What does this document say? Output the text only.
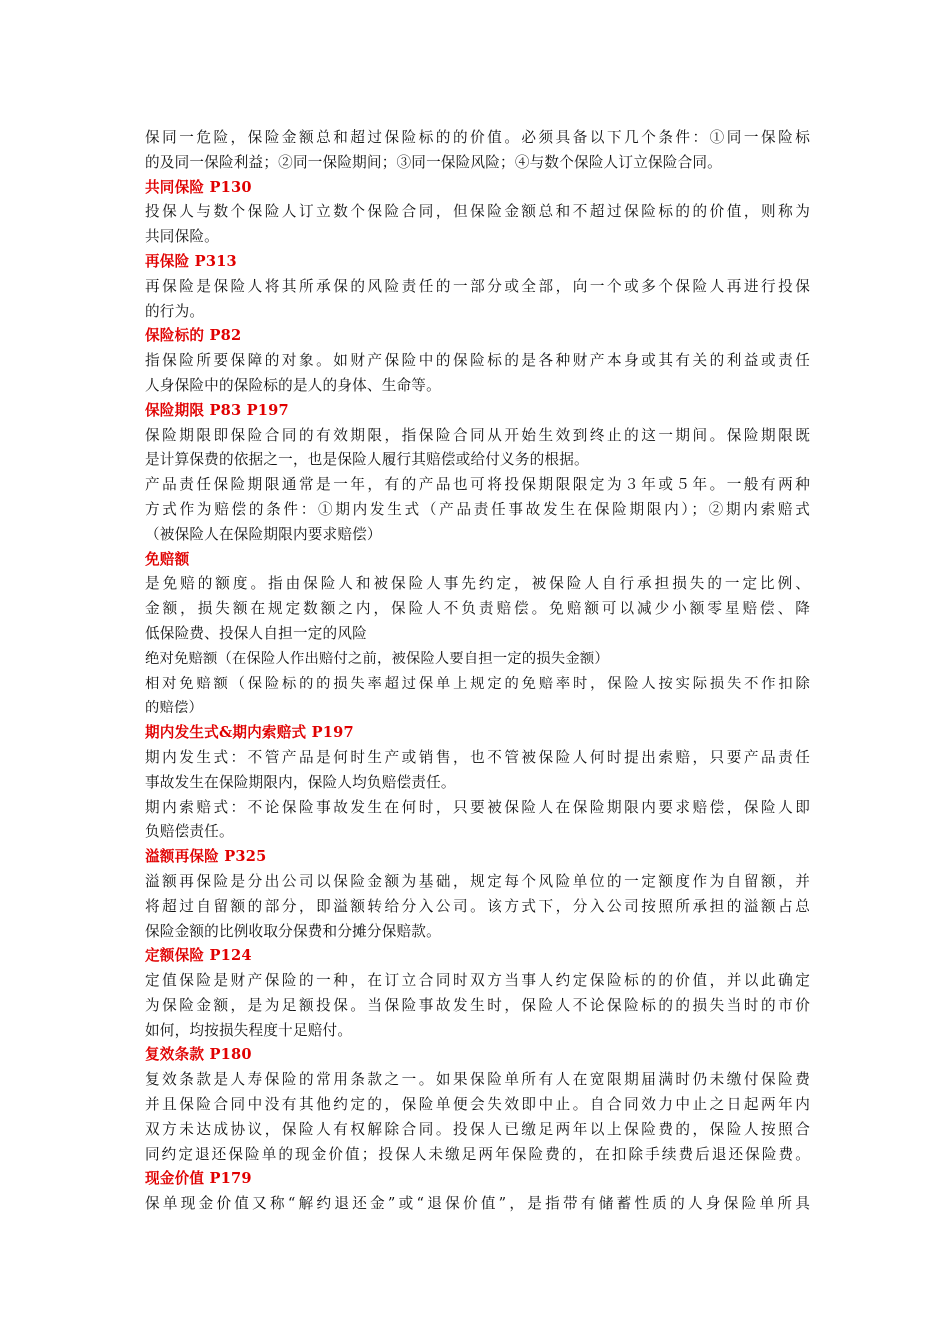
保同一危险，保险金额总和超过保险标的的价值。必须具备以下几个条件：①同一保险标
的及同一保险利益；②同一保险期间；③同一保险风险；④与数个保险人订立保险合同。
共同保险 P130
投保人与数个保险人订立数个保险合同，但保险金额总和不超过保险标的的价值，则称为
共同保险。
再保险 P313
再保险是保险人将其所承保的风险责任的一部分或全部，向一个或多个保险人再进行投保
的行为。
保险标的 P82
指保险所要保障的对象。如财产保险中的保险标的是各种财产本身或其有关的利益或责任
人身保险中的保险标的是人的身体、生命等。
保险期限 P83 P197
保险期限即保险合同的有效期限，指保险合同从开始生效到终止的这一期间。保险期限既
是计算保费的依据之一，也是保险人履行其赔偿或给付义务的根据。
产品责任保险期限通常是一年，有的产品也可将投保期限限定为３年或５年。一般有两种
方式作为赔偿的条件：①期内发生式（产品责任事故发生在保险期限内）；②期内索赔式
（被保险人在保险期限内要求赔偿）
免赔额
是免赔的额度。指由保险人和被保险人事先约定，被保险人自行承担损失的一定比例、
金额，损失额在规定数额之内，保险人不负责赔偿。免赔额可以减少小额零星赔偿、降
低保险费、投保人自担一定的风险
绝对免赔额（在保险人作出赔付之前，被保险人要自担一定的损失金额）
相对免赔额（保险标的的损失率超过保单上规定的免赔率时，保险人按实际损失不作扣除
的赔偿）
期内发生式&期内索赔式 P197
期内发生式：不管产品是何时生产或销售，也不管被保险人何时提出索赔，只要产品责任
事故发生在保险期限内，保险人均负赔偿责任。
期内索赔式：不论保险事故发生在何时，只要被保险人在保险期限内要求赔偿，保险人即
负赔偿责任。
溢额再保险 P325
溢额再保险是分出公司以保险金额为基础，规定每个风险单位的一定额度作为自留额，并
将超过自留额的部分，即溢额转给分入公司。该方式下，分入公司按照所承担的溢额占总
保险金额的比例收取分保费和分摊分保赔款。
定额保险 P124
定值保险是财产保险的一种，在订立合同时双方当事人约定保险标的的价值，并以此确定
为保险金额，是为足额投保。当保险事故发生时，保险人不论保险标的的损失当时的市价
如何，均按损失程度十足赔付。
复效条款 P180
复效条款是人寿保险的常用条款之一。如果保险单所有人在宽限期届满时仍未缴付保险费
并且保险合同中没有其他约定的，保险单便会失效即中止。自合同效力中止之日起两年内
双方未达成协议，保险人有权解除合同。投保人已缴足两年以上保险费的，保险人按照合
同约定退还保险单的现金价值；投保人未缴足两年保险费的，在扣除手续费后退还保险费。
现金价值 P179
保单现金价值又称“解约退还金”或“退保价值”，是指带有储蓄性质的人身保险单所具
